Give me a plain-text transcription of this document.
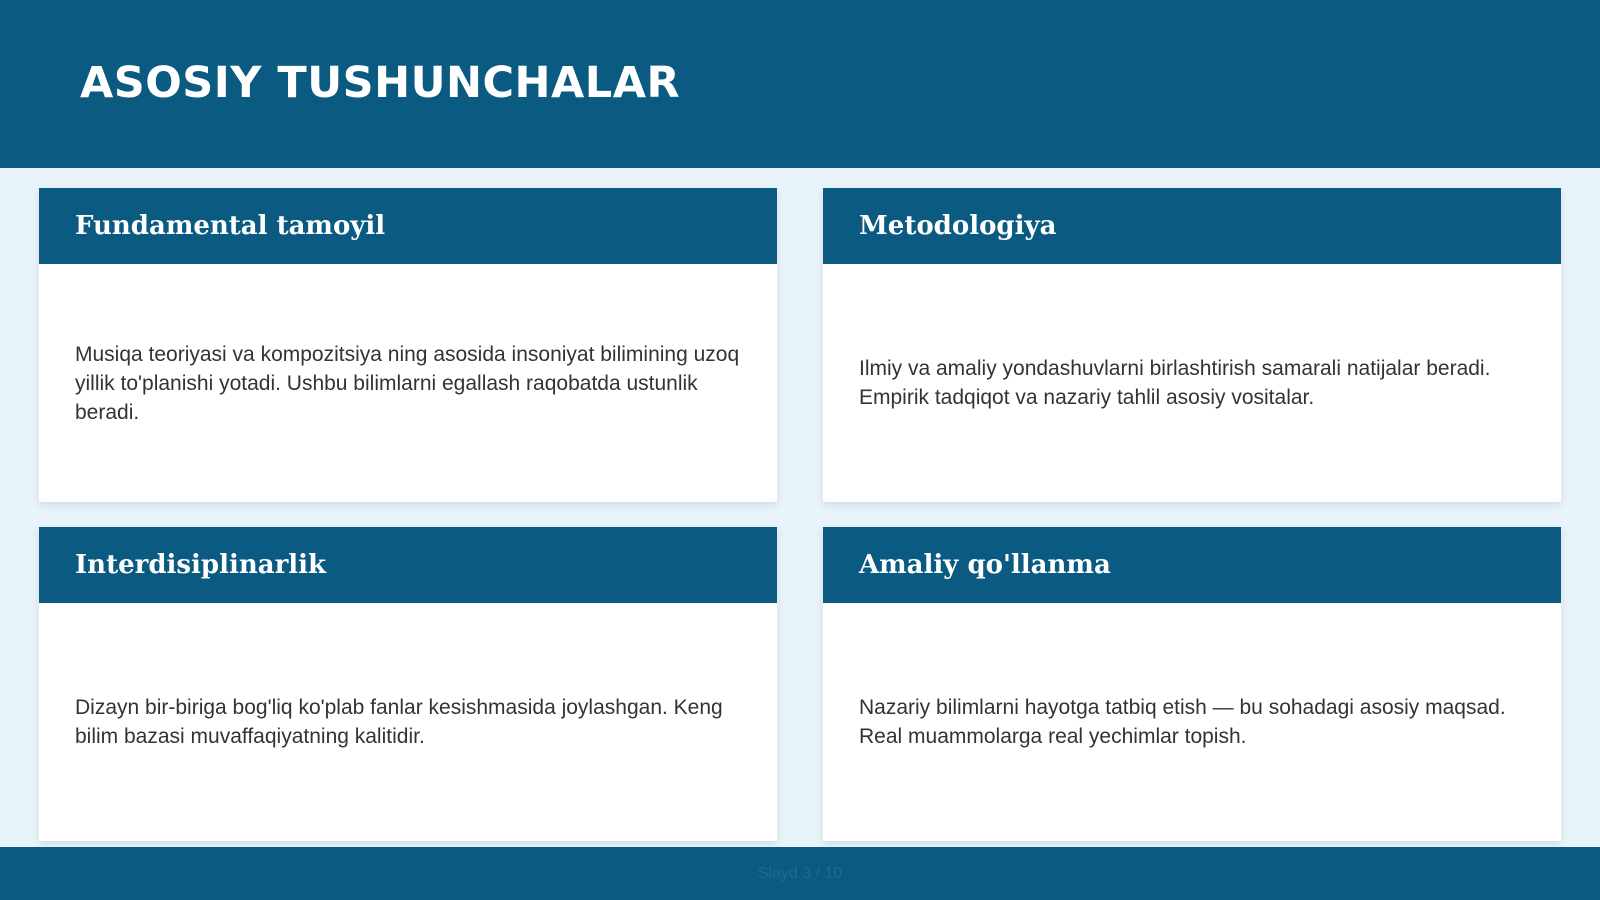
ASOSIY TUSHUNCHALAR
Fundamental tamoyil

Musiqa teoriyasi va kompozitsiya ning asosida insoniyat bilimining uzoq yillik to'planishi yotadi. Ushbu bilimlarni egallash raqobatda ustunlik beradi.

Metodologiya

Ilmiy va amaliy yondashuvlarni birlashtirish samarali natijalar beradi. Empirik tadqiqot va nazariy tahlil asosiy vositalar.

Interdisiplinarlik

Dizayn bir-biriga bog'liq ko'plab fanlar kesishmasida joylashgan. Keng bilim bazasi muvaffaqiyatning kalitidir.

Amaliy qo'llanma

Nazariy bilimlarni hayotga tatbiq etish — bu sohadagi asosiy maqsad. Real muammolarga real yechimlar topish.

Slayd 3 / 10
